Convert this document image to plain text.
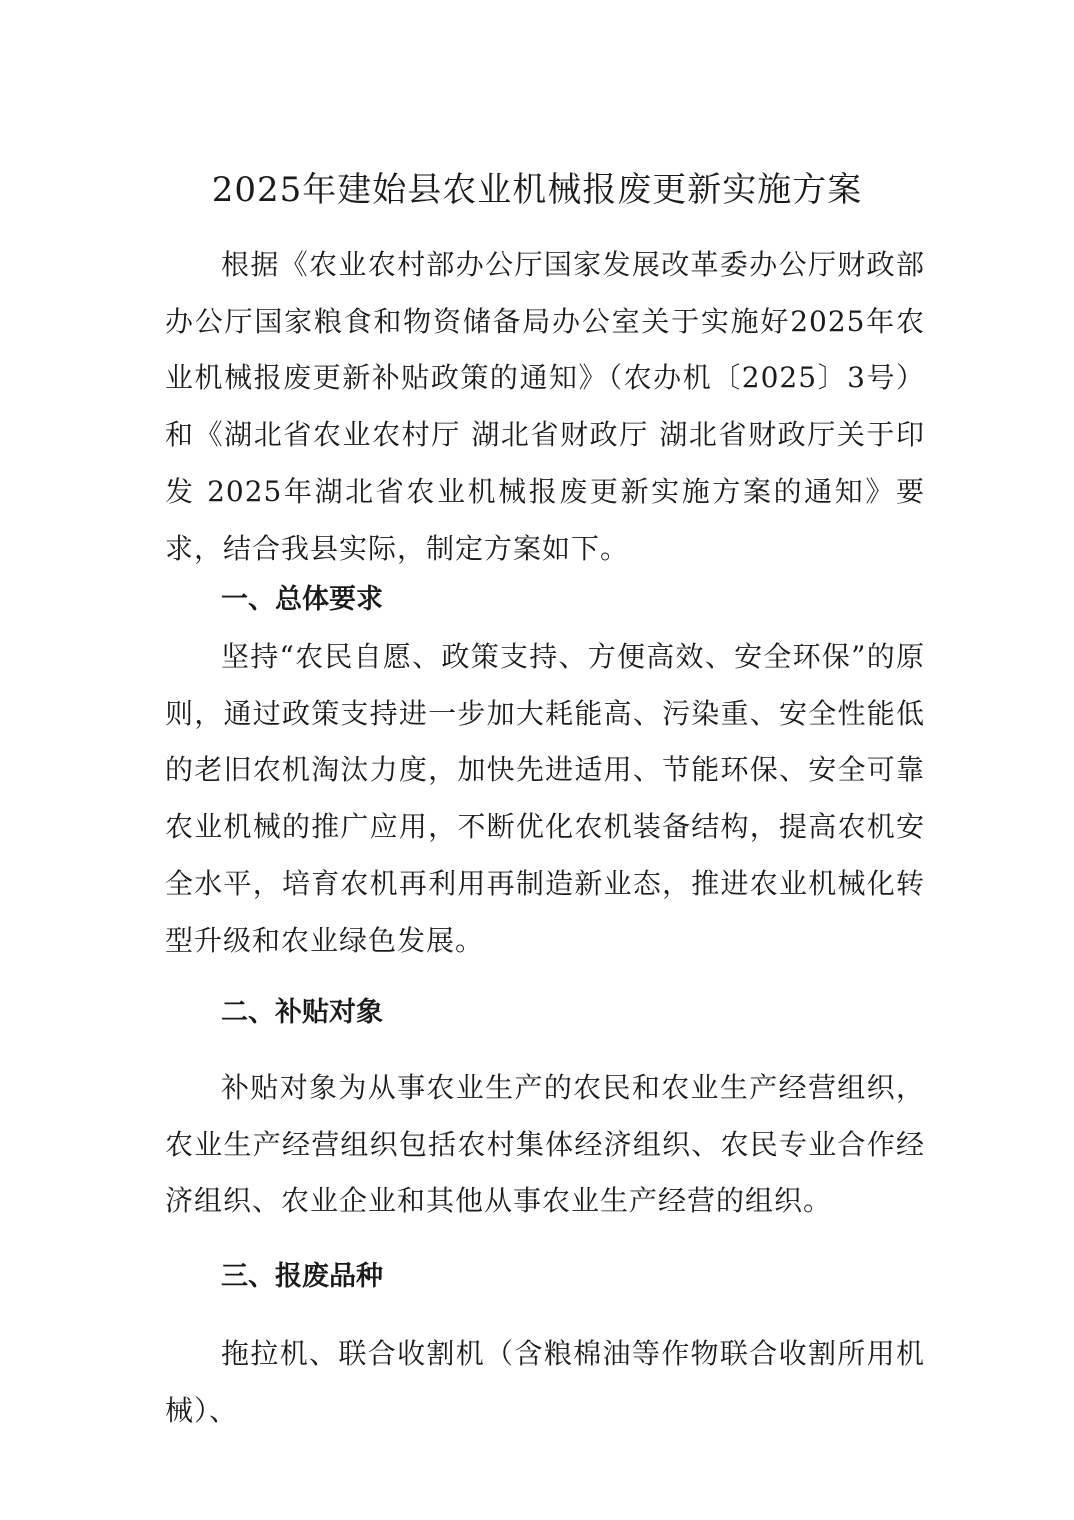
2025年建始县农业机械报废更新实施方案

根据《农业农村部办公厅国家发展改革委办公厅财政部办公厅国家粮食和物资储备局办公室关于实施好2025年农业机械报废更新补贴政策的通知》（农办机〔2025〕3号）和《湖北省农业农村厅 湖北省财政厅 湖北省财政厅关于印发 2025年湖北省农业机械报废更新实施方案的通知》要求，结合我县实际，制定方案如下。

一、总体要求

坚持“农民自愿、政策支持、方便高效、安全环保”的原则，通过政策支持进一步加大耗能高、污染重、安全性能低的老旧农机淘汰力度，加快先进适用、节能环保、安全可靠农业机械的推广应用，不断优化农机装备结构，提高农机安全水平，培育农机再利用再制造新业态，推进农业机械化转型升级和农业绿色发展。

二、补贴对象

补贴对象为从事农业生产的农民和农业生产经营组织，农业生产经营组织包括农村集体经济组织、农民专业合作经济组织、农业企业和其他从事农业生产经营的组织。

三、报废品种

拖拉机、联合收割机（含粮棉油等作物联合收割所用机械）、
